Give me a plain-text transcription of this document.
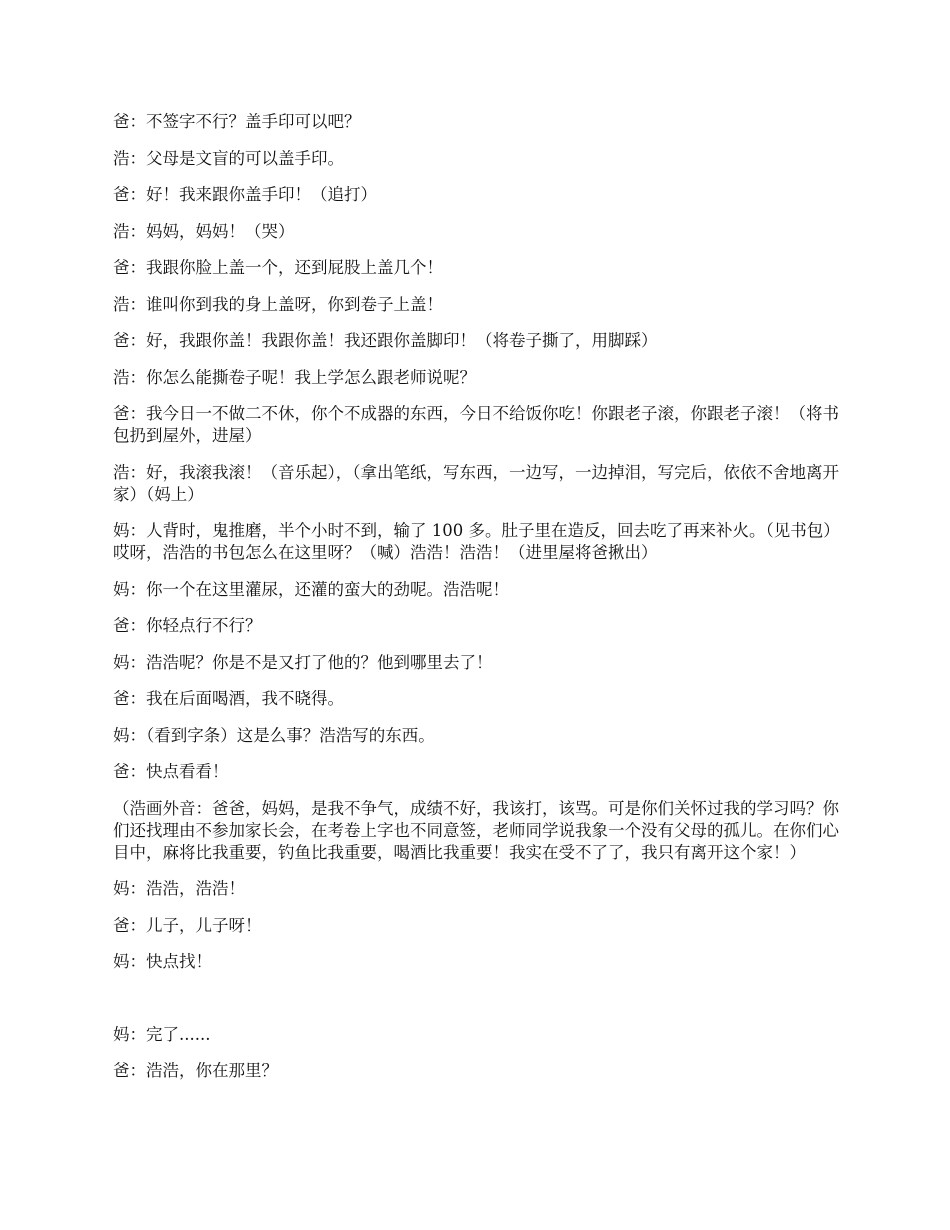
爸：不签字不行？盖手印可以吧？

浩：父母是文盲的可以盖手印。

爸：好！我来跟你盖手印！（追打）

浩：妈妈，妈妈！（哭）

爸：我跟你脸上盖一个，还到屁股上盖几个！

浩：谁叫你到我的身上盖呀，你到卷子上盖！

爸：好，我跟你盖！我跟你盖！我还跟你盖脚印！（将卷子撕了，用脚踩）

浩：你怎么能撕卷子呢！我上学怎么跟老师说呢？

爸：我今日一不做二不休，你个不成器的东西，今日不给饭你吃！你跟老子滚，你跟老子滚！（将书包扔到屋外，进屋）

浩：好，我滚我滚！（音乐起），（拿出笔纸，写东西，一边写，一边掉泪，写完后，依依不舍地离开家）（妈上）

妈：人背时，鬼推磨，半个小时不到，输了 100 多。肚子里在造反，回去吃了再来补火。（见书包）哎呀，浩浩的书包怎么在这里呀？（喊）浩浩！浩浩！（进里屋将爸揪出）

妈：你一个在这里灌尿，还灌的蛮大的劲呢。浩浩呢！

爸：你轻点行不行？

妈：浩浩呢？你是不是又打了他的？他到哪里去了！

爸：我在后面喝酒，我不晓得。

妈：（看到字条）这是么事？浩浩写的东西。

爸：快点看看！

（浩画外音：爸爸，妈妈，是我不争气，成绩不好，我该打，该骂。可是你们关怀过我的学习吗？你们还找理由不参加家长会，在考卷上字也不同意签，老师同学说我象一个没有父母的孤儿。在你们心目中，麻将比我重要，钓鱼比我重要，喝酒比我重要！我实在受不了了，我只有离开这个家！）

妈：浩浩，浩浩！

爸：儿子，儿子呀！

妈：快点找！

妈：完了......

爸：浩浩，你在那里？
